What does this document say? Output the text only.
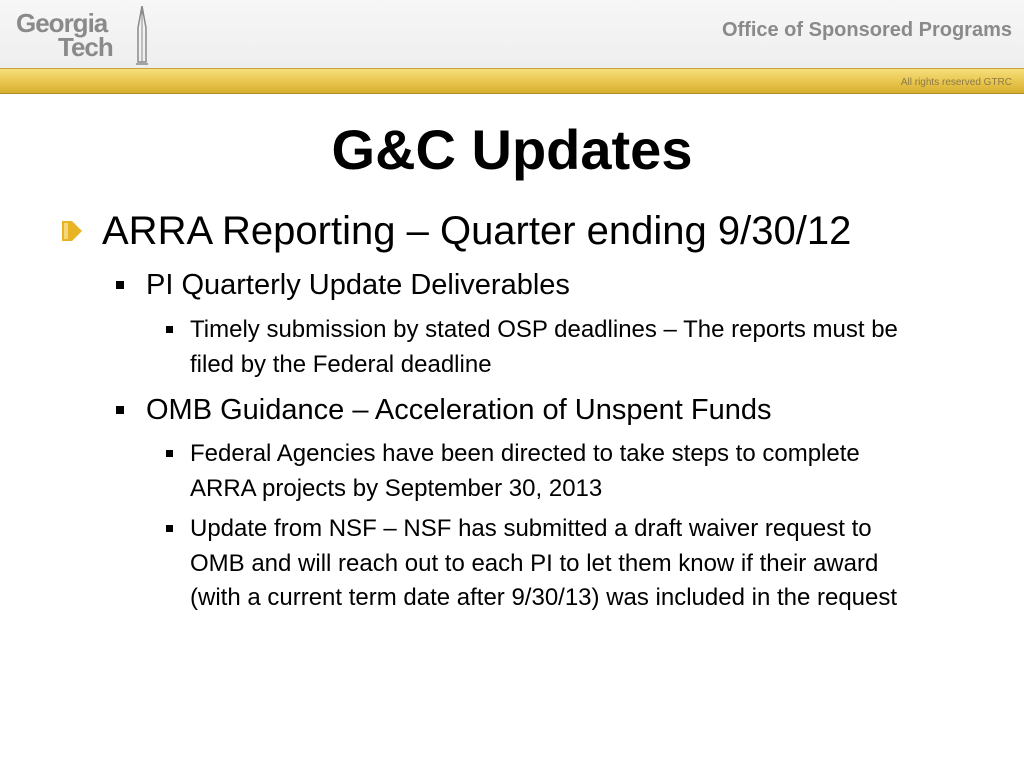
Georgia
Tech
Office of Sponsored Programs
All rights reserved GTRC
G&C Updates
ARRA Reporting – Quarter ending 9/30/12
PI Quarterly Update Deliverables
Timely submission by stated OSP deadlines – The reports must be filed by the Federal deadline
OMB Guidance – Acceleration of Unspent Funds
Federal Agencies have been directed to take steps to complete ARRA projects by September 30, 2013
Update from NSF – NSF has submitted a draft waiver request to OMB and will reach out to each PI to let them know if their award (with a current term date after 9/30/13) was included in the request
